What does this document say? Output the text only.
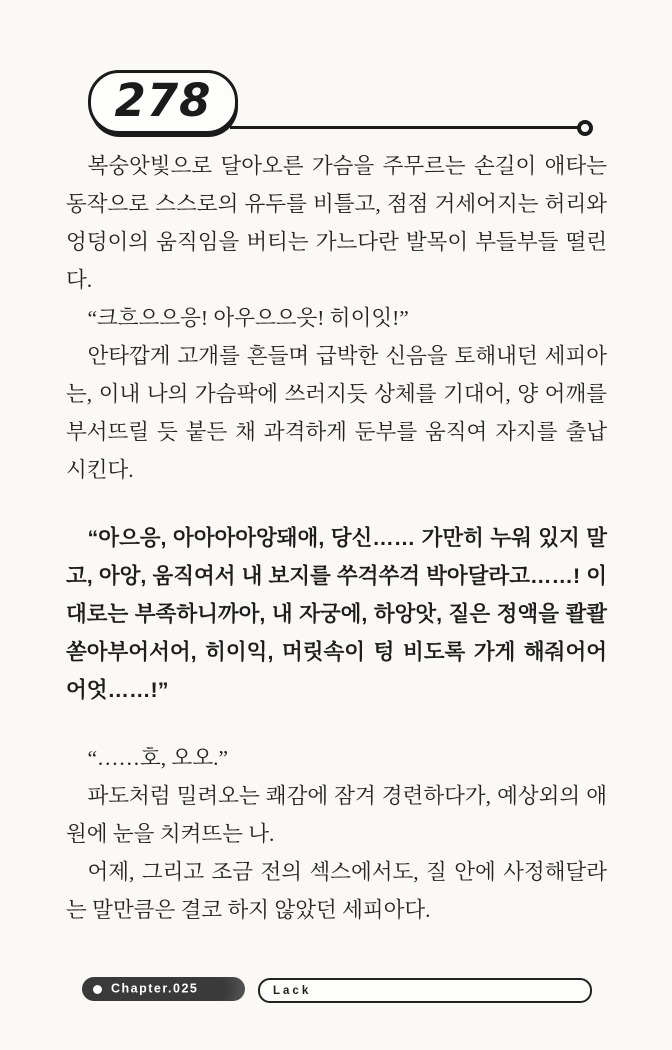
278

복숭앗빛으로 달아오른 가슴을 주무르는 손길이 애타는 동작으로 스스로의 유두를 비틀고, 점점 거세어지는 허리와 엉덩이의 움직임을 버티는 가느다란 발목이 부들부들 떨린다.

“크흐으으응! 아우으으읏! 히이잇!”

안타깝게 고개를 흔들며 급박한 신음을 토해내던 세피아는, 이내 나의 가슴팍에 쓰러지듯 상체를 기대어, 양 어깨를 부서뜨릴 듯 붙든 채 과격하게 둔부를 움직여 자지를 출납시킨다.

“아으응, 아아아아앙돼애, 당신…… 가만히 누워 있지 말고, 아앙, 움직여서 내 보지를 쑤걱쑤걱 박아달라고……! 이대로는 부족하니까아, 내 자궁에, 하앙앗, 짙은 정액을 콸콸 쏟아부어서어, 히이익, 머릿속이 텅 비도록 가게 해줘어어어엇……!”

“……호, 오오.”

파도처럼 밀려오는 쾌감에 잠겨 경련하다가, 예상외의 애원에 눈을 치켜뜨는 나.

어제, 그리고 조금 전의 섹스에서도, 질 안에 사정해달라는 말만큼은 결코 하지 않았던 세피아다.

Chapter.025	Lack
